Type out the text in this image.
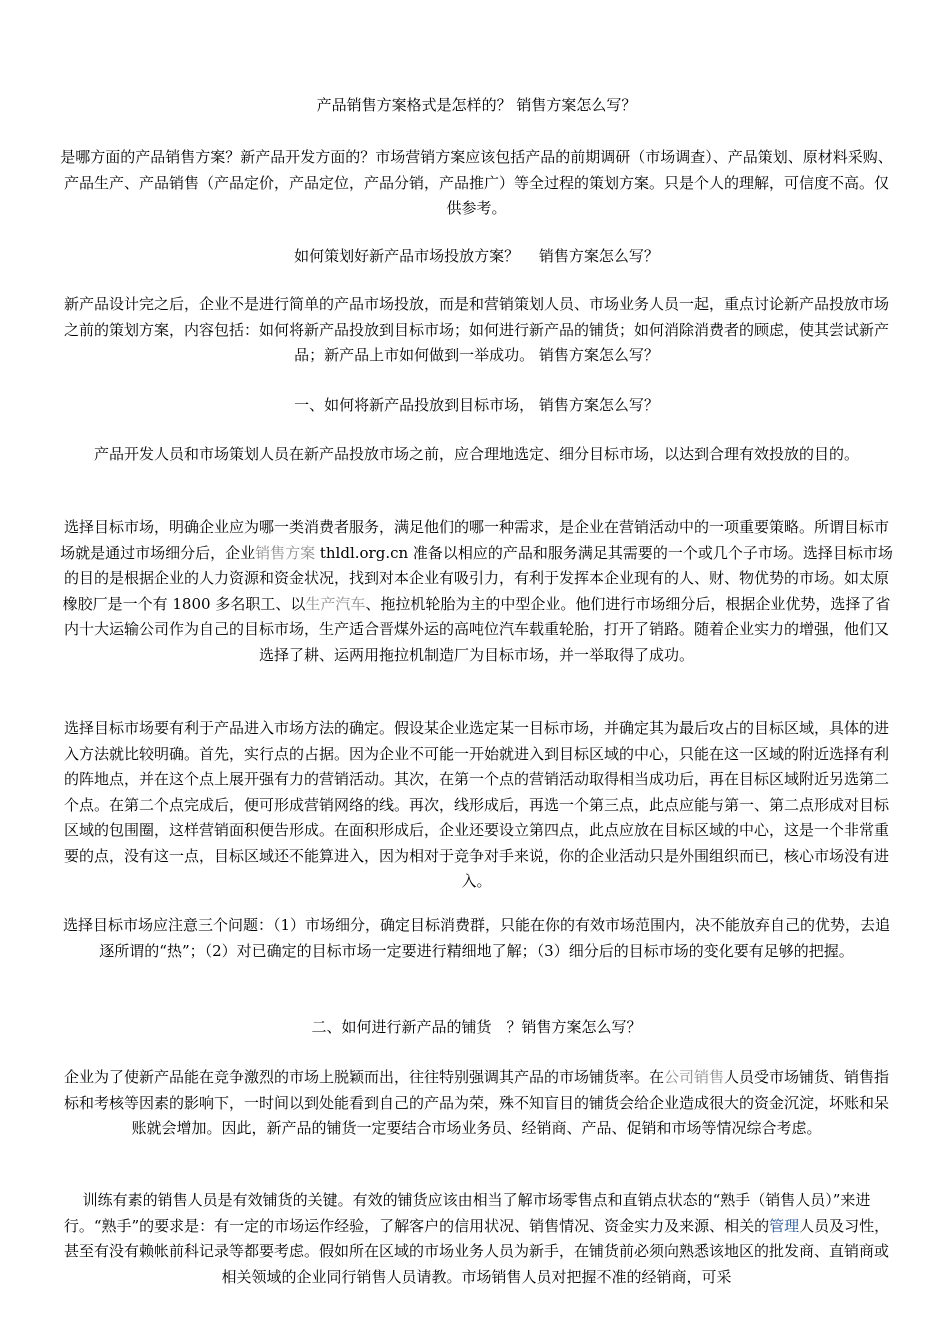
产品销售方案格式是怎样的？ 销售方案怎么写？

是哪方面的产品销售方案？新产品开发方面的？市场营销方案应该包括产品的前期调研（市场调查）、产品策划、原材料采购、产品生产、产品销售（产品定价，产品定位，产品分销，产品推广）等全过程的策划方案。只是个人的理解，可信度不高。仅供参考。

如何策划好新产品市场投放方案？　 销售方案怎么写？

新产品设计完之后，企业不是进行简单的产品市场投放，而是和营销策划人员、市场业务人员一起，重点讨论新产品投放市场之前的策划方案，内容包括：如何将新产品投放到目标市场；如何进行新产品的铺货；如何消除消费者的顾虑，使其尝试新产品；新产品上市如何做到一举成功。 销售方案怎么写？

一、如何将新产品投放到目标市场， 销售方案怎么写？

产品开发人员和市场策划人员在新产品投放市场之前，应合理地选定、细分目标市场，以达到合理有效投放的目的。

选择目标市场，明确企业应为哪一类消费者服务，满足他们的哪一种需求，是企业在营销活动中的一项重要策略。所谓目标市场就是通过市场细分后，企业销售方案 thldl.org.cn 准备以相应的产品和服务满足其需要的一个或几个子市场。选择目标市场的目的是根据企业的人力资源和资金状况，找到对本企业有吸引力，有利于发挥本企业现有的人、财、物优势的市场。如太原橡胶厂是一个有 1800 多名职工、以生产汽车、拖拉机轮胎为主的中型企业。他们进行市场细分后，根据企业优势，选择了省内十大运输公司作为自己的目标市场，生产适合晋煤外运的高吨位汽车载重轮胎，打开了销路。随着企业实力的增强，他们又选择了耕、运两用拖拉机制造厂为目标市场，并一举取得了成功。

选择目标市场要有利于产品进入市场方法的确定。假设某企业选定某一目标市场，并确定其为最后攻占的目标区域，具体的进入方法就比较明确。首先，实行点的占据。因为企业不可能一开始就进入到目标区域的中心，只能在这一区域的附近选择有利的阵地点，并在这个点上展开强有力的营销活动。其次，在第一个点的营销活动取得相当成功后，再在目标区域附近另选第二个点。在第二个点完成后，便可形成营销网络的线。再次，线形成后，再选一个第三点，此点应能与第一、第二点形成对目标区域的包围圈，这样营销面积便告形成。在面积形成后，企业还要设立第四点，此点应放在目标区域的中心，这是一个非常重要的点，没有这一点，目标区域还不能算进入，因为相对于竞争对手来说，你的企业活动只是外围组织而已，核心市场没有进入。

选择目标市场应注意三个问题：（1）市场细分，确定目标消费群，只能在你的有效市场范围内，决不能放弃自己的优势，去追逐所谓的“热”；（2）对已确定的目标市场一定要进行精细地了解；（3）细分后的目标市场的变化要有足够的把握。

二、如何进行新产品的铺货　？销售方案怎么写？

企业为了使新产品能在竞争激烈的市场上脱颖而出，往往特别强调其产品的市场铺货率。在公司销售人员受市场铺货、销售指标和考核等因素的影响下，一时间以到处能看到自己的产品为荣，殊不知盲目的铺货会给企业造成很大的资金沉淀，坏账和呆账就会增加。因此，新产品的铺货一定要结合市场业务员、经销商、产品、促销和市场等情况综合考虑。

训练有素的销售人员是有效铺货的关键。有效的铺货应该由相当了解市场零售点和直销点状态的“熟手（销售人员）”来进行。“熟手”的要求是：有一定的市场运作经验，了解客户的信用状况、销售情况、资金实力及来源、相关的管理人员及习性，甚至有没有赖帐前科记录等都要考虑。假如所在区域的市场业务人员为新手，在铺货前必须向熟悉该地区的批发商、直销商或相关领域的企业同行销售人员请教。市场销售人员对把握不准的经销商，可采
